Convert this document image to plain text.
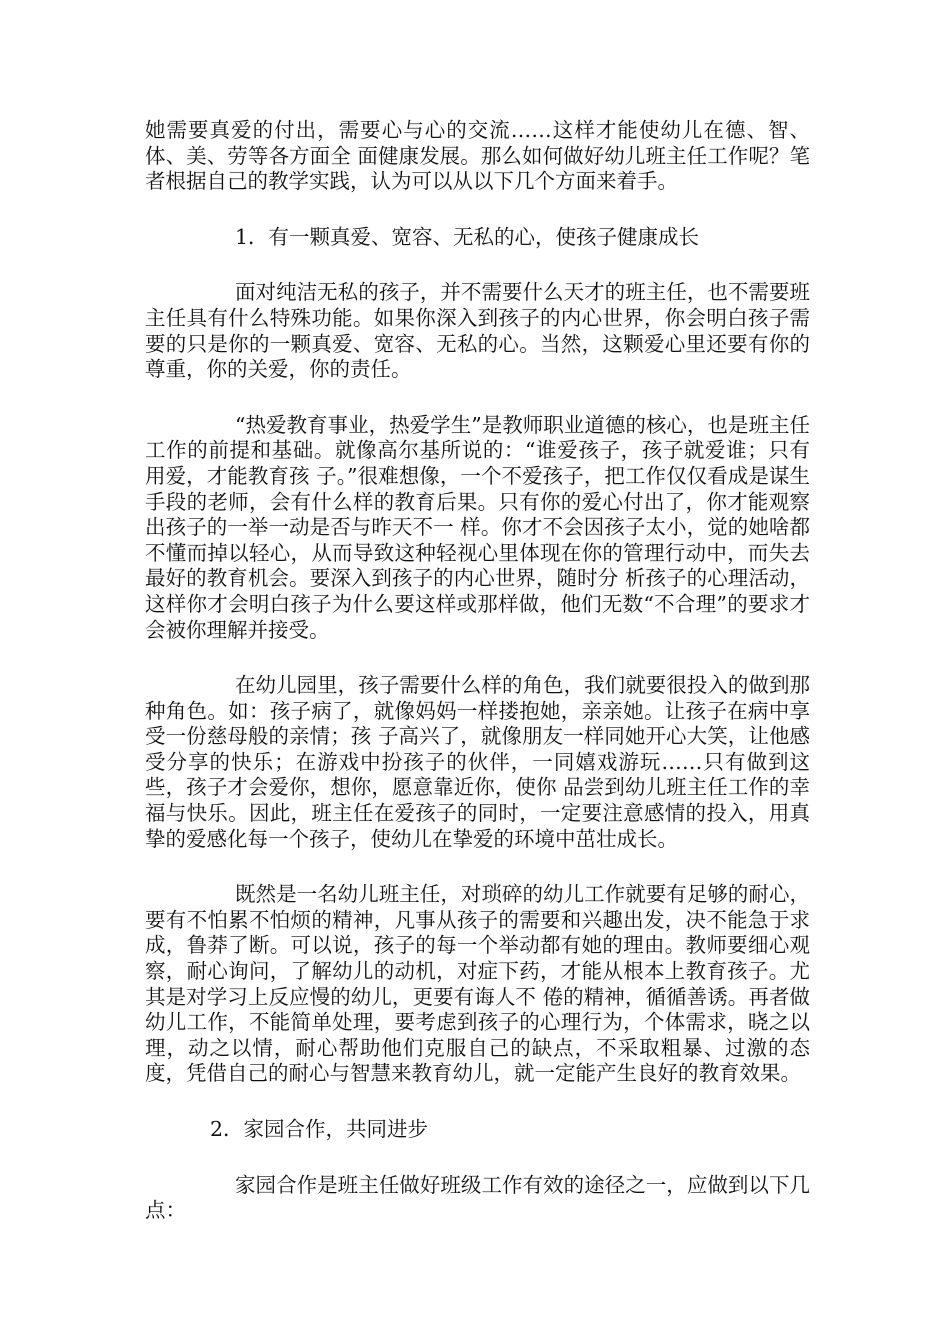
她需要真爱的付出，需要心与心的交流……这样才能使幼儿在德、智、体、美、劳等各方面全 面健康发展。那么如何做好幼儿班主任工作呢？笔者根据自己的教学实践，认为可以从以下几个方面来着手。

1．有一颗真爱、宽容、无私的心，使孩子健康成长

面对纯洁无私的孩子，并不需要什么天才的班主任，也不需要班主任具有什么特殊功能。如果你深入到孩子的内心世界，你会明白孩子需要的只是你的一颗真爱、宽容、无私的心。当然，这颗爱心里还要有你的尊重，你的关爱，你的责任。

“热爱教育事业，热爱学生”是教师职业道德的核心，也是班主任工作的前提和基础。就像高尔基所说的：“谁爱孩子，孩子就爱谁；只有用爱，才能教育孩 子。”很难想像，一个不爱孩子，把工作仅仅看成是谋生手段的老师，会有什么样的教育后果。只有你的爱心付出了，你才能观察出孩子的一举一动是否与昨天不一 样。你才不会因孩子太小，觉的她啥都不懂而掉以轻心，从而导致这种轻视心里体现在你的管理行动中，而失去最好的教育机会。要深入到孩子的内心世界，随时分 析孩子的心理活动，这样你才会明白孩子为什么要这样或那样做，他们无数“不合理”的要求才会被你理解并接受。

在幼儿园里，孩子需要什么样的角色，我们就要很投入的做到那种角色。如：孩子病了，就像妈妈一样搂抱她，亲亲她。让孩子在病中享受一份慈母般的亲情；孩 子高兴了，就像朋友一样同她开心大笑，让他感受分享的快乐；在游戏中扮孩子的伙伴，一同嬉戏游玩……只有做到这些，孩子才会爱你，想你，愿意靠近你，使你 品尝到幼儿班主任工作的幸福与快乐。因此，班主任在爱孩子的同时，一定要注意感情的投入，用真挚的爱感化每一个孩子，使幼儿在挚爱的环境中茁壮成长。

既然是一名幼儿班主任，对琐碎的幼儿工作就要有足够的耐心，要有不怕累不怕烦的精神，凡事从孩子的需要和兴趣出发，决不能急于求成，鲁莽了断。可以说，孩子的每一个举动都有她的理由。教师要细心观察，耐心询问，了解幼儿的动机，对症下药，才能从根本上教育孩子。尤其是对学习上反应慢的幼儿，更要有诲人不 倦的精神，循循善诱。再者做幼儿工作，不能简单处理，要考虑到孩子的心理行为，个体需求，晓之以理，动之以情，耐心帮助他们克服自己的缺点，不采取粗暴、过激的态度，凭借自己的耐心与智慧来教育幼儿，就一定能产生良好的教育效果。

2．家园合作，共同进步

家园合作是班主任做好班级工作有效的途径之一，应做到以下几点：
